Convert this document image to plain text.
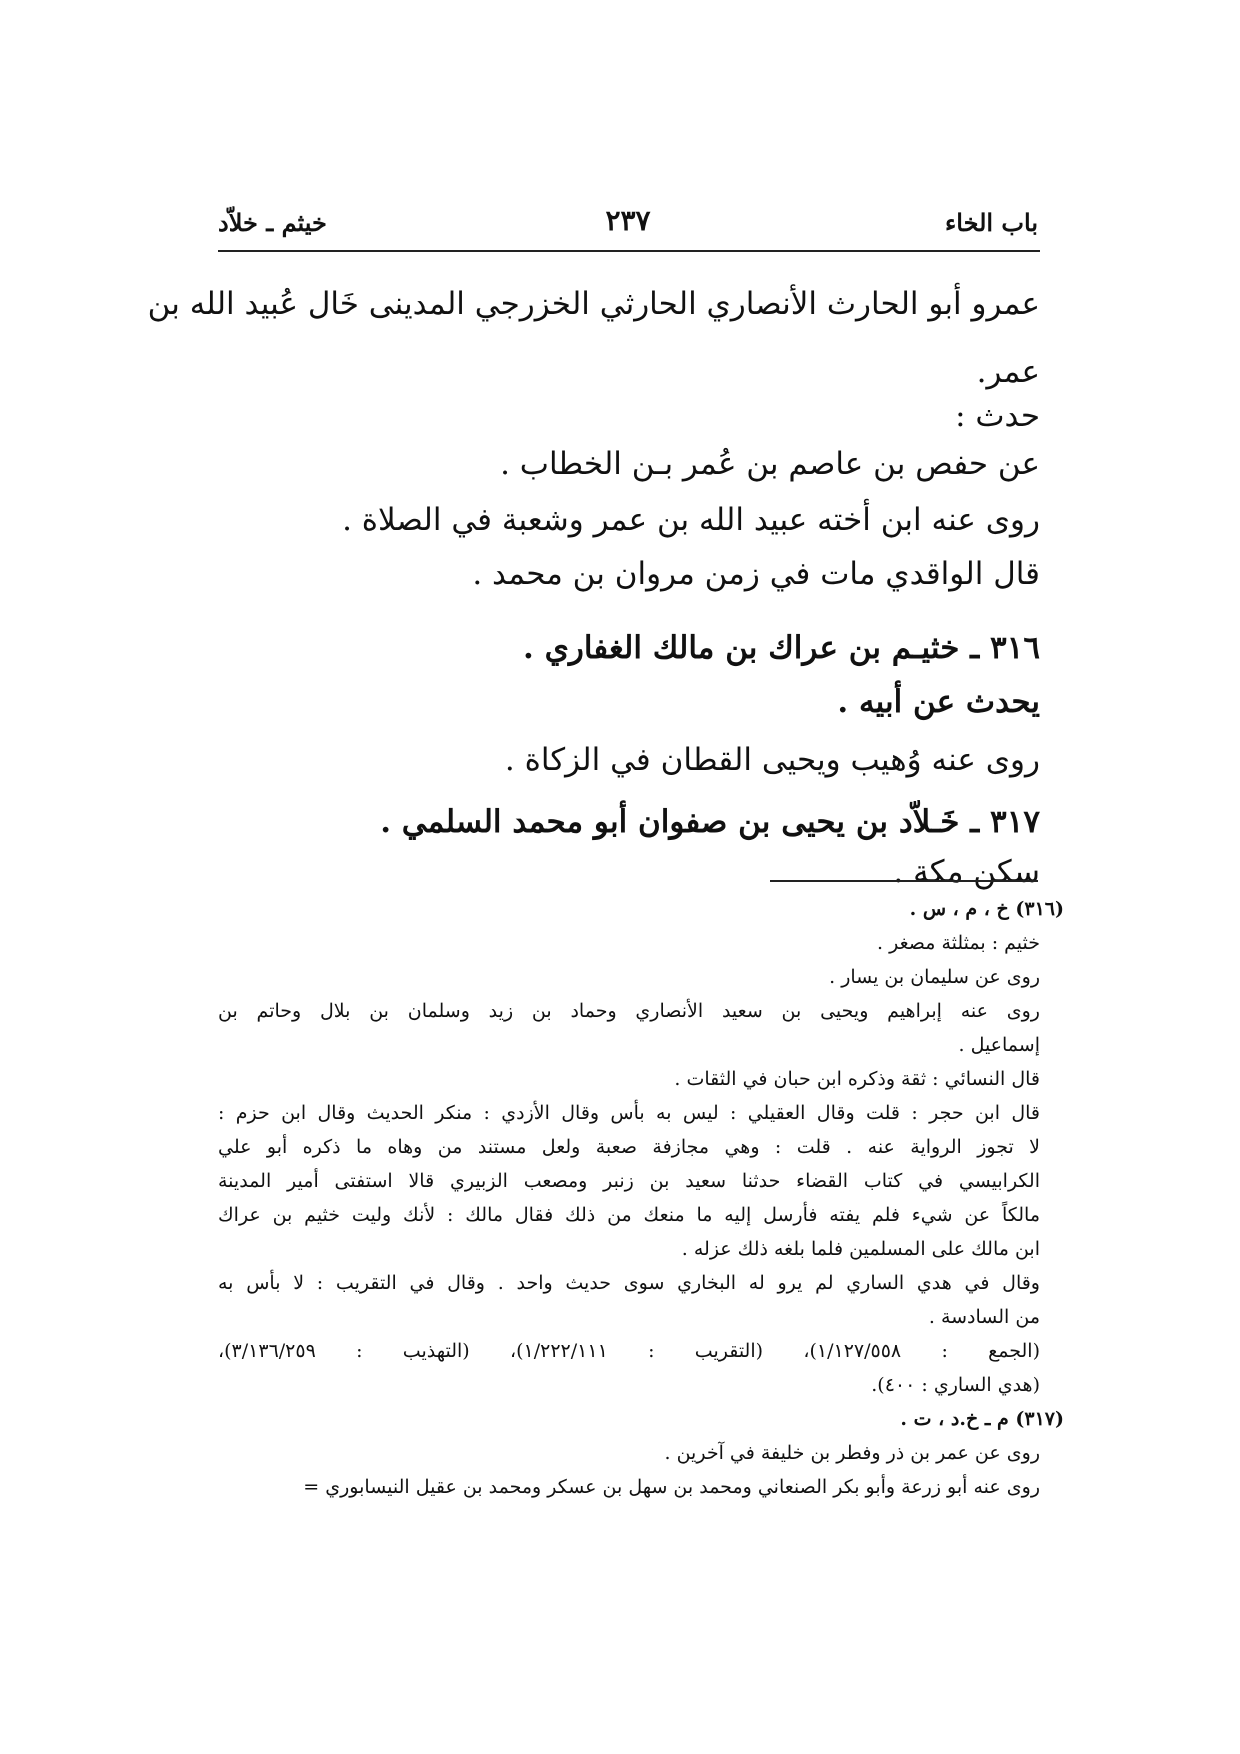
باب الخاء
٢٣٧
خيثم ـ خلاّد
عمرو أبو الحارث الأنصاري الحارثي الخزرجي المدينى خَال عُبيد الله بن
عمر.
حدث :
عن حفص بن عاصم بن عُمر بـن الخطاب .
روى عنه ابن أخته عبيد الله بن عمر وشعبة في الصلاة .
قال الواقدي مات في زمن مروان بن محمد .
٣١٦ ـ خثيـم بن عراك بن مالك الغفاري .
يحدث عن أبيه .
روى عنه وُهيب ويحيى القطان في الزكاة .
٣١٧ ـ خَـلاّد بن يحيى بن صفوان أبو محمد السلمي .
سكن مكة .
(٣١٦) خ ، م ، س .
خثيم : بمثلثة مصغر .
روى عن سليمان بن يسار .
روى عنه إبراهيم ويحيى بن سعيد الأنصاري وحماد بن زيد وسلمان بن بلال وحاتم بن
إسماعيل .
قال النسائي : ثقة وذكره ابن حبان في الثقات .
قال ابن حجر : قلت وقال العقيلي : ليس به بأس وقال الأزدي : منكر الحديث وقال ابن حزم :
لا تجوز الرواية عنه . قلت : وهي مجازفة صعبة ولعل مستند من وهاه ما ذكره أبو علي
الكرابيسي في كتاب القضاء حدثنا سعيد بن زنبر ومصعب الزبيري قالا استفتى أمير المدينة
مالكاً عن شيء فلم يفته فأرسل إليه ما منعك من ذلك فقال مالك : لأنك وليت خثيم بن عراك
ابن مالك على المسلمين فلما بلغه ذلك عزله .
وقال في هدي الساري لم يرو له البخاري سوى حديث واحد . وقال في التقريب : لا بأس به
من السادسة .
(الجمع : ١/١٢٧/٥٥٨)، (التقريب : ١/٢٢٢/١١١)، (التهذيب : ٣/١٣٦/٢٥٩)،
(هدي الساري : ٤٠٠).
(٣١٧) م ـ خ.د ، ت .
روى عن عمر بن ذر وفطر بن خليفة في آخرين .
روى عنه أبو زرعة وأبو بكر الصنعاني ومحمد بن سهل بن عسكر ومحمد بن عقيل النيسابوري =
